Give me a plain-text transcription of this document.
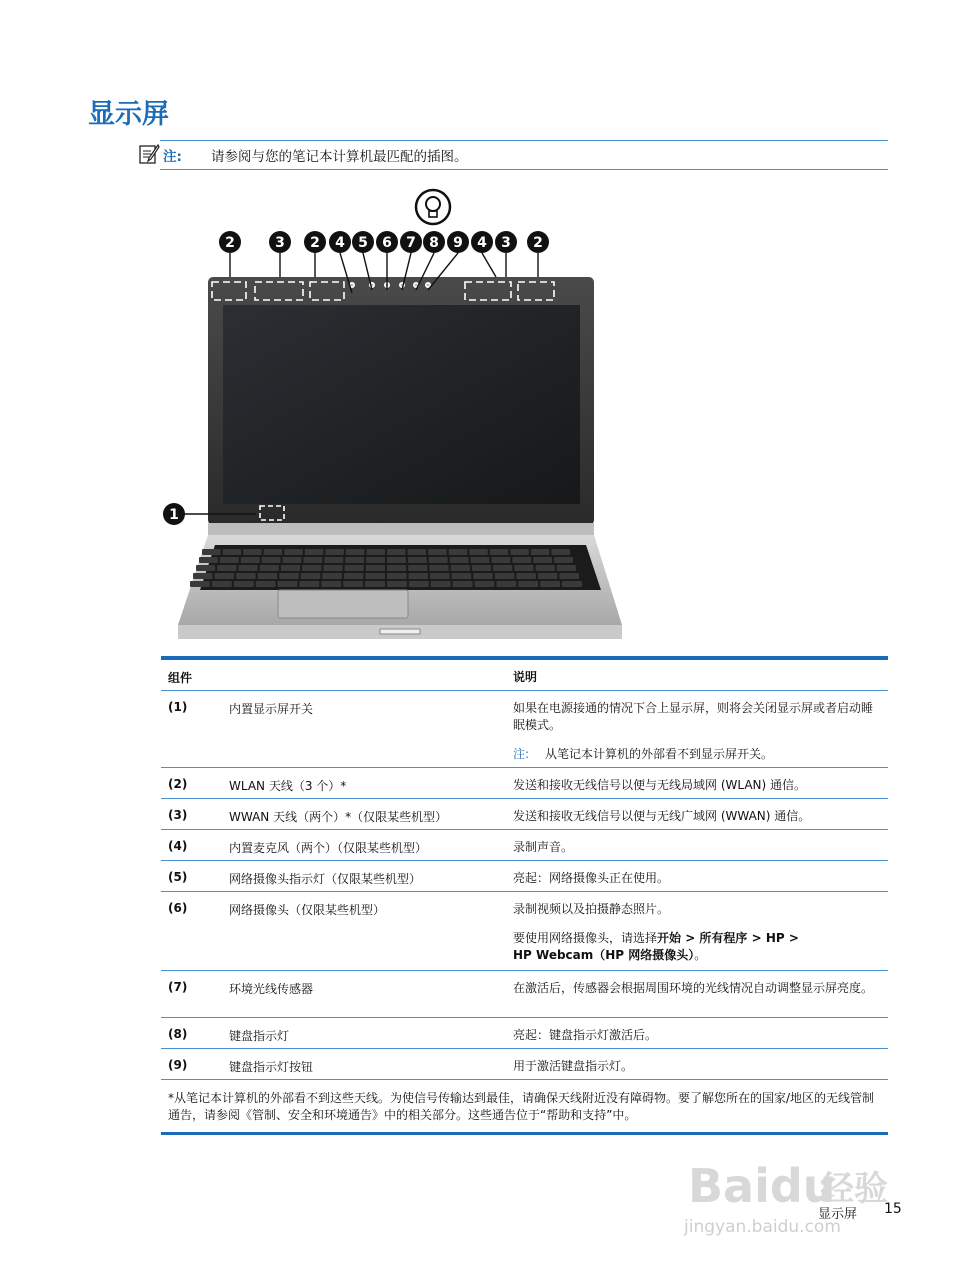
显示屏
注: 请参阅与您的笔记本计算机最匹配的插图。
2	3 2 4 5 6 7 8 9 4 3 2
1
组件	说明
(1)	内置显示屏开关	如果在电源接通的情况下合上显示屏，则将会关闭显示屏或者启动睡眠模式。
注: 从笔记本计算机的外部看不到显示屏开关。
(2)	WLAN 天线（3 个）*	发送和接收无线信号以便与无线局域网 (WLAN) 通信。
(3)	WWAN 天线（两个）*（仅限某些机型）	发送和接收无线信号以便与无线广域网 (WWAN) 通信。
(4)	内置麦克风（两个）（仅限某些机型）	录制声音。
(5)	网络摄像头指示灯（仅限某些机型）	亮起：网络摄像头正在使用。
(6)	网络摄像头（仅限某些机型）	录制视频以及拍摄静态照片。
要使用网络摄像头，请选择开始 > 所有程序 > HP >
HP Webcam（HP 网络摄像头）。
(7)	环境光线传感器	在激活后，传感器会根据周围环境的光线情况自动调整显示屏亮度。
(8)	键盘指示灯	亮起：键盘指示灯激活后。
(9)	键盘指示灯按钮	用于激活键盘指示灯。
*从笔记本计算机的外部看不到这些天线。为使信号传输达到最佳，请确保天线附近没有障碍物。要了解您所在的国家/地区的无线管制通告，请参阅《管制、安全和环境通告》中的相关部分。这些通告位于“帮助和支持”中。
Baidu
经验
jingyan.baidu.com
显示屏 15
